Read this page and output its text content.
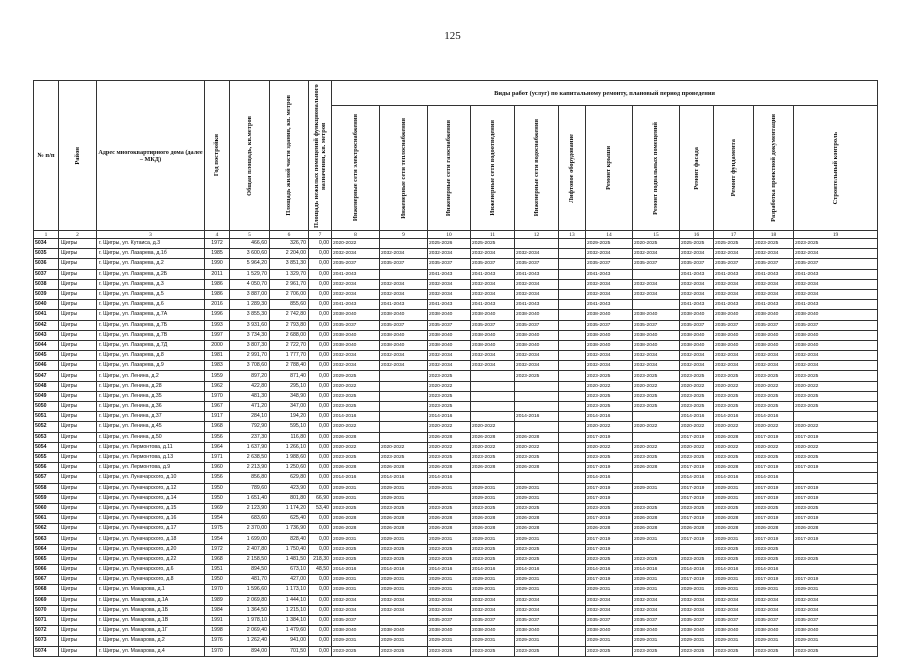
125
№ п/п	Район	Адрес многоквартирного дома (далее – МКД)	Год постройки	Общая площадь, кв.метров	Площадь жилой части здания, кв. метров	Площадь нежилых помещений функционального назначения, кв. метров	Виды работ (услуг) по капитальному ремонту, плановый период проведения											

							Инженерные сети электроснабжения	Инженерные сети теплоснабжения	Инженерные сети газоснабжения	Инженерные сети водоотведения	Инженерные сети водоснабжения	Лифтовое оборудование	Ремонт крыши	Ремонт подвальных помещений	Ремонт фасада	Ремонт фундамента	Разработка проектной документации	Строительный контроль

1	2	3	4	5	6	7	8	9	10	11	12	13	14	15	16	17	18	19
5034	Щигры	г. Щигры, ул. Кутаиса, д.3	1972	466,60	326,70	0,00	2020-2022		2025-2026	2025-2025			2029-2025	2020-2025	2025-2025	2025-2025	2023-2025	2023-2025
5035	Щигры	г. Щигры, ул. Лазарева, д.1б	1985	3 600,60	2 204,00	0,00	2032-2034	2032-2034	2032-2034	2032-2034	2032-2034		2032-2034	2032-2034	2032-2034	2032-2034	2032-2034	2032-2034
5036	Щигры	г. Щигры, ул. Лазарева, д.2	1990	5 964,20	3 851,30	0,00	2035-2037	2035-2037	2035-2037	2035-2037	2035-2037		2035-2037	2035-2037	2035-2037	2035-2037	2035-2037	2035-2037
5037	Щигры	г. Щигры, ул. Лазарева, д.2Б	2011	1 529,70	1 329,70	0,00	2041-2043		2041-2043	2041-2043	2041-2043		2041-2043		2041-2043	2041-2043	2041-2043	2041-2043
5038	Щигры	г. Щигры, ул. Лазарева, д.3	1986	4 050,70	2 961,70	0,00	2032-2034	2032-2034	2032-2034	2032-2034	2032-2034		2032-2034	2032-2034	2032-2034	2032-2034	2032-2034	2032-2034
5039	Щигры	г. Щигры, ул. Лазарева, д.5	1986	3 887,00	2 706,00	0,00	2032-2034	2032-2034	2032-2034	2032-2034	2032-2034		2032-2034	2032-2034	2032-2034	2032-2034	2032-2034	2032-2034
5040	Щигры	г. Щигры, ул. Лазарева, д.6	2016	1 289,30	855,60	0,00	2041-2043	2041-2043	2041-2043	2041-2043	2041-2043		2041-2043		2041-2043	2041-2043	2041-2043	2041-2043
5041	Щигры	г. Щигры, ул. Лазарева, д.7А	1996	3 855,30	2 742,80	0,00	2038-2040	2038-2040	2038-2040	2038-2040	2038-2040		2038-2040	2038-2040	2038-2040	2038-2040	2038-2040	2038-2040
5042	Щигры	г. Щигры, ул. Лазарева, д.7Б	1993	3 931,60	2 793,80	0,00	2035-2037	2035-2037	2035-2037	2035-2037	2035-2037		2035-2037	2035-2037	2035-2037	2035-2037	2035-2037	2035-2037
5043	Щигры	г. Щигры, ул. Лазарева, д.7В	1997	3 734,30	2 688,00	0,00	2038-2040	2038-2040	2038-2040	2038-2040	2038-2040		2038-2040	2038-2040	2038-2040	2038-2040	2038-2040	2038-2040
5044	Щигры	г. Щигры, ул. Лазарева, д.7Д	2000	3 807,30	2 722,70	0,00	2038-2040	2038-2040	2038-2040	2038-2040	2038-2040		2038-2040	2038-2040	2038-2040	2038-2040	2038-2040	2038-2040
5045	Щигры	г. Щигры, ул. Лазарева, д.8	1981	2 991,70	1 777,70	0,00	2032-2034	2032-2034	2032-2034	2032-2034	2032-2034		2032-2034	2032-2034	2032-2034	2032-2034	2032-2034	2032-2034
5046	Щигры	г. Щигры, ул. Лазарева, д.9	1983	3 708,60	2 788,40	0,00	2032-2034	2032-2034	2032-2034	2032-2034	2032-2034		2032-2034	2032-2034	2032-2034	2032-2034	2032-2034	2032-2034
5047	Щигры	г. Щигры, ул. Ленина, д.2	1959	897,20	871,40	0,00	2029-2025		2023-2025		2023-2025		2023-2025	2023-2025	2023-2025	2023-2025	2023-2025	2023-2025
5048	Щигры	г. Щигры, ул. Ленина, д.28	1962	422,80	295,10	0,00	2020-2022		2020-2022				2020-2022	2020-2022	2020-2022	2020-2022	2020-2022	2020-2022
5049	Щигры	г. Щигры, ул. Ленина, д.35	1970	481,30	348,90	0,00	2023-2025		2023-2025				2023-2025	2023-2025	2023-2025	2023-2025	2023-2025	2023-2025
5050	Щигры	г. Щигры, ул. Ленина, д.36	1967	471,20	347,00	0,00	2023-2025		2023-2025				2023-2025	2023-2025	2023-2025	2023-2025	2023-2025	2023-2025
5051	Щигры	г. Щигры, ул. Ленина, д.37	1917	284,10	194,20	0,00	2014-2016		2014-2016		2014-2016		2014-2016		2014-2016	2014-2016	2014-2016	
5052	Щигры	г. Щигры, ул. Ленина, д.45	1968	792,90	595,10	0,00	2020-2022		2020-2022	2020-2022			2020-2022	2020-2022	2020-2022	2020-2022	2020-2022	2020-2022
5053	Щигры	г. Щигры, ул. Ленина, д.50	1956	237,30	116,80	0,00	2026-2028		2026-2028	2026-2028	2026-2028		2017-2019		2017-2019	2026-2028	2017-2019	2017-2019
5054	Щигры	г. Щигры, ул. Лермонтова, д.11	1964	1 637,90	1 266,10	0,00	2020-2022	2020-2022	2020-2022	2020-2022	2020-2022		2020-2022	2020-2022	2020-2022	2020-2022	2020-2022	2020-2022
5055	Щигры	г. Щигры, ул. Лермонтова, д.13	1971	2 638,50	1 988,60	0,00	2023-2025	2023-2025	2023-2025	2023-2025	2023-2025		2023-2025	2023-2025	2023-2025	2023-2025	2023-2025	2023-2025
5056	Щигры	г. Щигры, ул. Лермонтова, д.9	1960	2 213,90	1 250,60	0,00	2026-2028	2026-2028	2026-2028	2026-2028	2026-2028		2017-2019	2026-2028	2017-2019	2026-2028	2017-2019	2017-2019
5057	Щигры	г. Щигры, ул. Луначарского, д.10	1956	856,80	629,80	0,00	2014-2016	2014-2016	2014-2016				2014-2016		2014-2016	2014-2016	2014-2016	
5058	Щигры	г. Щигры, ул. Луначарского, д.12	1950	789,60	423,90	0,00	2029-2031	2029-2031	2029-2031	2029-2031	2029-2031		2017-2019	2029-2031	2017-2019	2029-2031	2017-2019	2017-2019
5059	Щигры	г. Щигры, ул. Луначарского, д.14	1950	1 651,40	801,80	66,90	2029-2031	2029-2031		2029-2031	2029-2031		2017-2019		2017-2019	2029-2031	2017-2019	2017-2019
5060	Щигры	г. Щигры, ул. Луначарского, д.15	1969	2 123,90	1 174,20	53,40	2023-2025	2023-2025	2023-2025	2023-2025	2023-2025		2023-2025	2023-2025	2023-2025	2023-2025	2023-2025	2023-2025
5061	Щигры	г. Щигры, ул. Луначарского, д.16	1954	683,60	625,40	0,00	2026-2028	2026-2028	2026-2028	2026-2028	2026-2028		2017-2019	2026-2028	2017-2019	2026-2028	2017-2019	2017-2019
5062	Щигры	г. Щигры, ул. Луначарского, д.17	1975	2 370,00	1 736,90	0,00	2026-2028	2026-2028	2026-2028	2026-2028	2026-2028		2026-2028	2026-2028	2026-2028	2026-2028	2026-2028	2026-2028
5063	Щигры	г. Щигры, ул. Луначарского, д.18	1954	1 699,00	828,40	0,00	2029-2031	2029-2031	2029-2031	2029-2031	2029-2031		2017-2019	2029-2031	2017-2019	2029-2031	2017-2019	2017-2019
5064	Щигры	г. Щигры, ул. Луначарского, д.20	1972	2 407,80	1 750,40	0,00	2023-2025	2023-2025	2023-2025	2023-2025	2023-2025		2017-2019			2023-2025	2023-2025	
5065	Щигры	г. Щигры, ул. Луначарского, д.22	1968	2 158,50	1 481,50	218,30	2023-2025	2023-2025	2023-2025	2023-2025	2023-2025		2023-2025	2023-2025	2023-2025	2023-2025	2023-2025	2023-2025
5066	Щигры	г. Щигры, ул. Луначарского, д.6	1951	894,50	673,10	48,50	2014-2016	2014-2016	2014-2016	2014-2016	2014-2016		2014-2016	2014-2016	2014-2016	2014-2016	2014-2016	
5067	Щигры	г. Щигры, ул. Луначарского, д.8	1950	481,70	427,00	0,00	2029-2031	2029-2031	2029-2031	2029-2031	2029-2031		2017-2019	2029-2031	2017-2019	2029-2031	2017-2019	2017-2019
5068	Щигры	г. Щигры, ул. Макарова, д.1	1970	1 596,60	1 173,10	0,00	2029-2031	2029-2031	2029-2031	2029-2031	2029-2031		2029-2031	2029-2031	2029-2031	2029-2031	2029-2031	2029-2031
5069	Щигры	г. Щигры, ул. Макарова, д.1А	1989	2 069,80	1 444,10	0,00	2032-2034	2032-2034	2032-2034	2032-2034	2032-2034		2032-2034	2032-2034	2032-2034	2032-2034	2032-2034	2032-2034
5070	Щигры	г. Щигры, ул. Макарова, д.1Б	1984	1 364,50	1 215,10	0,00	2032-2034	2032-2034	2032-2034	2032-2034	2032-2034		2032-2034	2032-2034	2032-2034	2032-2034	2032-2034	2032-2034
5071	Щигры	г. Щигры, ул. Макарова, д.1В	1991	1 978,10	1 384,10	0,00	2035-2037		2035-2037	2035-2037	2035-2037		2035-2037	2035-2037	2035-2037	2035-2037	2035-2037	2035-2037
5072	Щигры	г. Щигры, ул. Макарова, д.1Г	1998	2 069,40	1 479,60	0,00	2038-2040	2038-2040	2038-2040	2038-2040	2038-2040		2038-2040	2038-2040	2038-2040	2038-2040	2038-2040	2038-2040
5073	Щигры	г. Щигры, ул. Макарова, д.2	1976	1 262,40	941,00	0,00	2029-2031	2029-2031	2029-2031	2029-2031	2029-2031		2029-2031	2029-2031	2029-2031	2029-2031	2029-2031	2029-2031
5074	Щигры	г. Щигры, ул. Макарова, д.4	1970	894,00	701,50	0,00	2023-2025	2023-2025	2023-2025	2023-2025	2023-2025		2023-2025	2023-2025	2023-2025	2023-2025	2023-2025	2023-2025
